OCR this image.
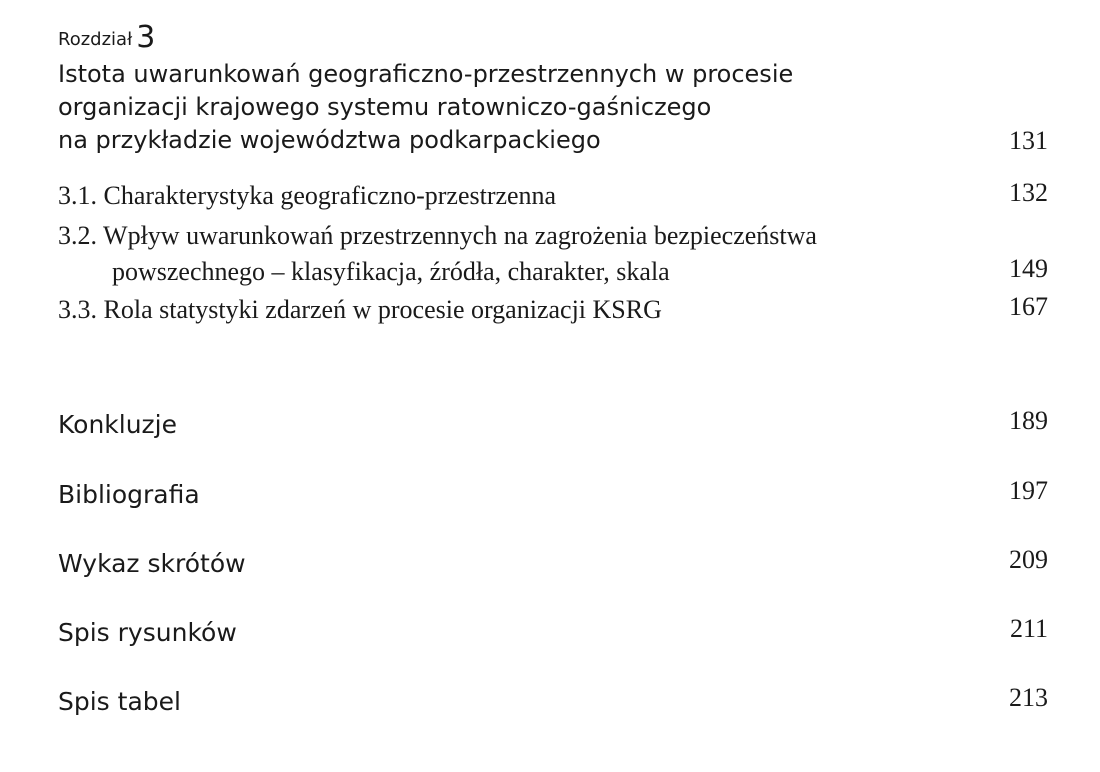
Rozdział 3
Istota uwarunkowań geograficzno-przestrzennych w procesie
organizacji krajowego systemu ratowniczo-gaśniczego
na przykładzie województwa podkarpackiego	131
3.1. Charakterystyka geograficzno-przestrzenna	132
3.2. Wpływ uwarunkowań przestrzennych na zagrożenia bezpieczeństwa
powszechnego – klasyfikacja, źródła, charakter, skala	149
3.3. Rola statystyki zdarzeń w procesie organizacji KSRG	167
Konkluzje	189
Bibliografia	197
Wykaz skrótów	209
Spis rysunków	211
Spis tabel	213
